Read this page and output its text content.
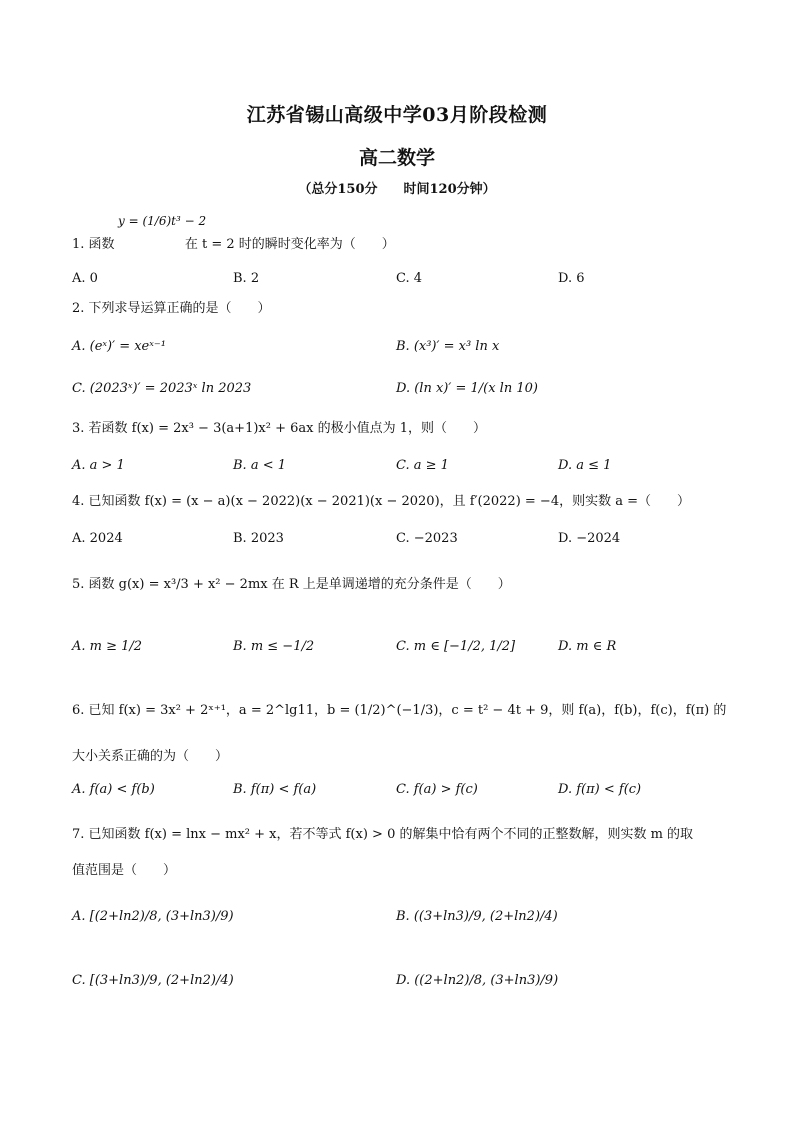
江苏省锡山高级中学03月阶段检测
高二数学
（总分150分　　时间120分钟）
y = (1/6)t³ − 2
1. 函数	在 t = 2 时的瞬时变化率为（　　）
A. 0	B. 2	C. 4	D. 6
2. 下列求导运算正确的是（　　）
A. (eˣ)′ = xeˣ⁻¹	B. (x³)′ = x³ ln x
C. (2023ˣ)′ = 2023ˣ ln 2023	D. (ln x)′ = 1/(x ln 10)
3. 若函数 f(x) = 2x³ − 3(a+1)x² + 6ax 的极小值点为 1，则（　　）
A. a > 1	B. a < 1	C. a ≥ 1	D. a ≤ 1
4. 已知函数 f(x) = (x − a)(x − 2022)(x − 2021)(x − 2020)，且 f′(2022) = −4，则实数 a =（　　）
A. 2024	B. 2023	C. −2023	D. −2024
5. 函数 g(x) = x³/3 + x² − 2mx 在 R 上是单调递增的充分条件是（　　）
A. m ≥ 1/2	B. m ≤ −1/2	C. m ∈ [−1/2, 1/2]	D. m ∈ R
6. 已知 f(x) = 3x² + 2ˣ⁺¹，a = 2^lg11，b = (1/2)^(−1/3)，c = t² − 4t + 9，则 f(a)，f(b)，f(c)，f(π) 的
大小关系正确的为（　　）
A. f(a) < f(b)	B. f(π) < f(a)	C. f(a) > f(c)	D. f(π) < f(c)
7. 已知函数 f(x) = lnx − mx² + x，若不等式 f(x) > 0 的解集中恰有两个不同的正整数解，则实数 m 的取
值范围是（　　）
A. [(2+ln2)/8, (3+ln3)/9)	B. ((3+ln3)/9, (2+ln2)/4)
C. [(3+ln3)/9, (2+ln2)/4)	D. ((2+ln2)/8, (3+ln3)/9)
